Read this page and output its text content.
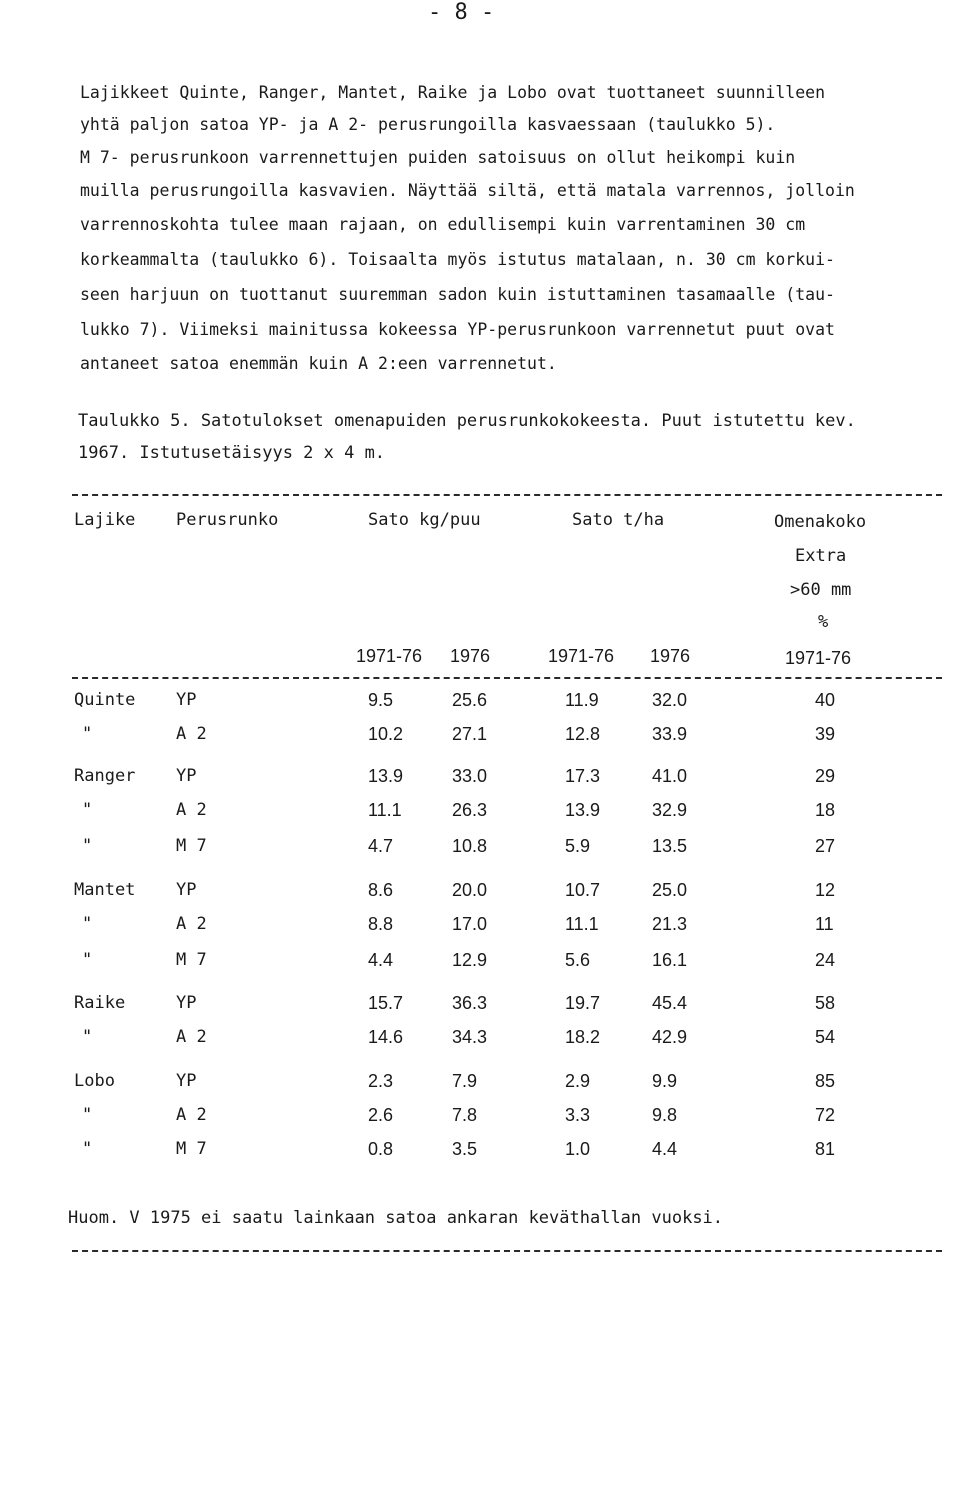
- 8 -
Lajikkeet Quinte, Ranger, Mantet, Raike ja Lobo ovat tuottaneet suunnilleen
yhtä paljon satoa YP- ja A 2- perusrungoilla kasvaessaan (taulukko 5).
M 7- perusrunkoon varrennettujen puiden satoisuus on ollut heikompi kuin
muilla perusrungoilla kasvavien. Näyttää siltä, että matala varrennos, jolloin
varrennoskohta tulee maan rajaan, on edullisempi kuin varrentaminen 30 cm
korkeammalta (taulukko 6). Toisaalta myös istutus matalaan, n. 30 cm korkui-
seen harjuun on tuottanut suuremman sadon kuin istuttaminen tasamaalle (tau-
lukko 7). Viimeksi mainitussa kokeessa YP-perusrunkoon varrennetut puut ovat
antaneet satoa enemmän kuin A 2:een varrennetut.
Taulukko 5. Satotulokset omenapuiden perusrunkokokeesta. Puut istutettu kev.
1967. Istutusetäisyys 2 x 4 m.
Lajike Perusrunko	Sato kg/puu	Sato t/ha	Omenakoko
Extra
>60 mm
%
1971-76 1976	1971-76 1976	1971-76
Quinte YP	9.5	25.6	11.9	32.0	40
"	A 2	10.2	27.1	12.8	33.9	39
Ranger YP	13.9	33.0	17.3	41.0	29
"	A 2	11.1	26.3	13.9	32.9	18
"	M 7	4.7	10.8	5.9	13.5	27
Mantet YP	8.6	20.0	10.7	25.0	12
"	A 2	8.8	17.0	11.1	21.3	11
"	M 7	4.4	12.9	5.6	16.1	24
Raike	YP	15.7	36.3	19.7	45.4	58
"	A 2	14.6	34.3	18.2	42.9	54
Lobo	YP	2.3	7.9	2.9	9.9	85
"	A 2	2.6	7.8	3.3	9.8	72
"	M 7	0.8	3.5	1.0	4.4	81
Huom. V 1975 ei saatu lainkaan satoa ankaran keväthallan vuoksi.
